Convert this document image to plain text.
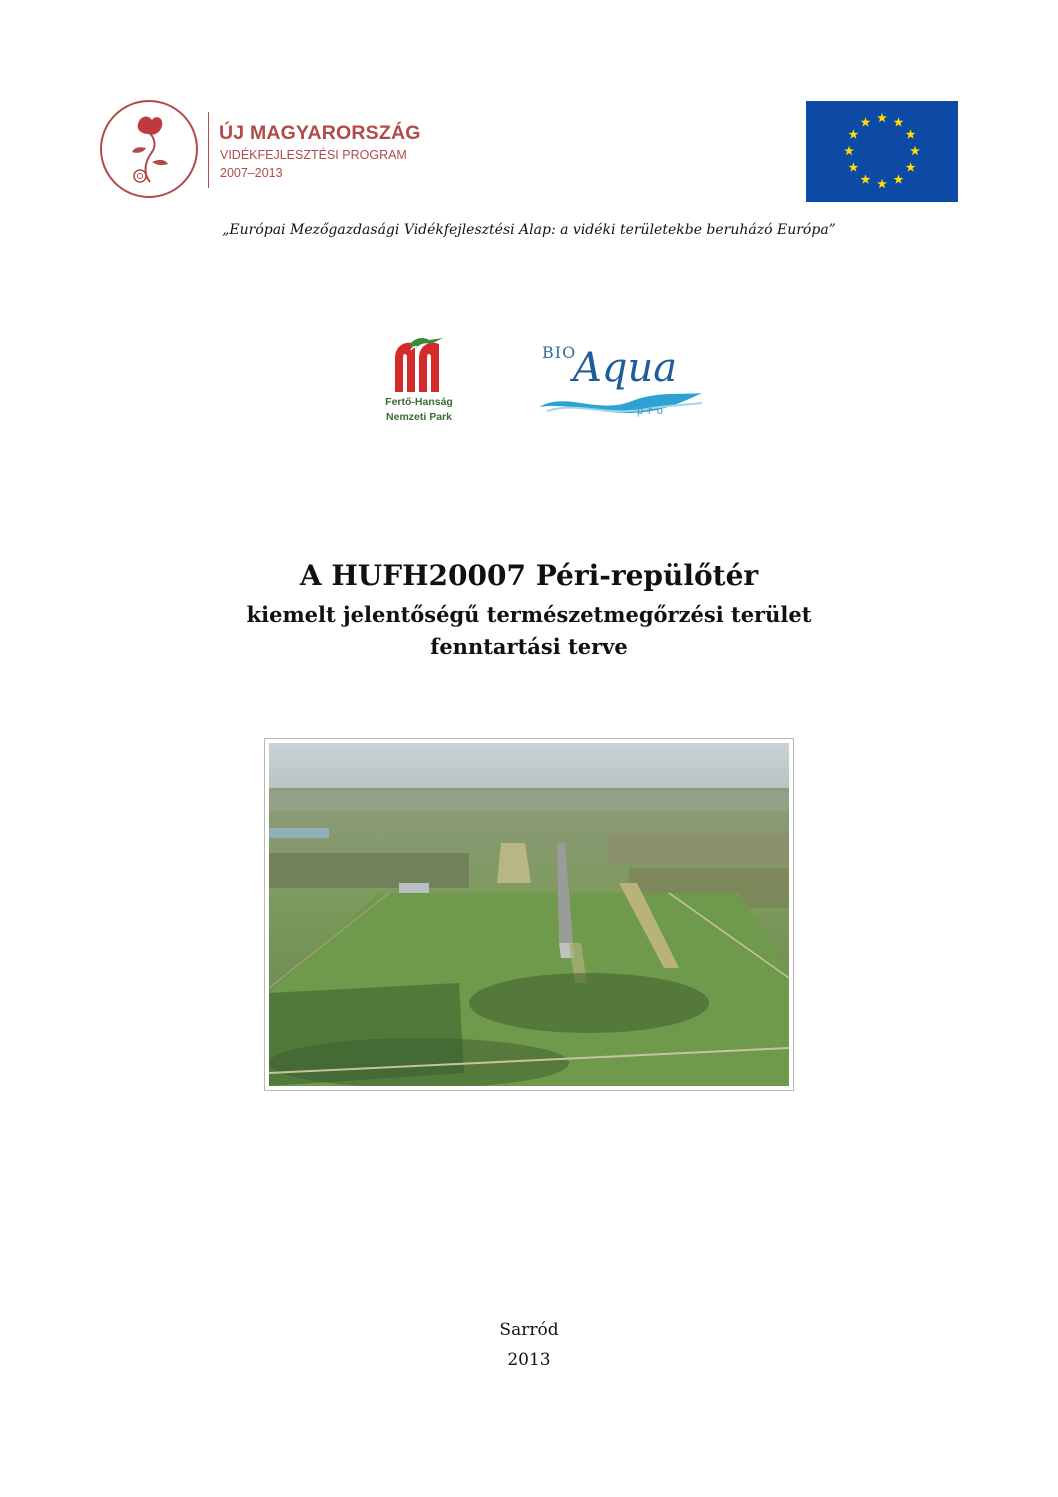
ÚJ MAGYARORSZÁG
VIDÉKFEJLESZTÉSI PROGRAM
2007–2013
„Európai Mezőgazdasági Vidékfejlesztési Alap: a vidéki területekbe beruházó Európa”
Fertő-Hanság
Nemzeti Park
BIO
Aqua
pro
A HUFH20007 Péri-repülőtér
kiemelt jelentőségű természetmegőrzési terület
fenntartási terve
Sarród
2013
